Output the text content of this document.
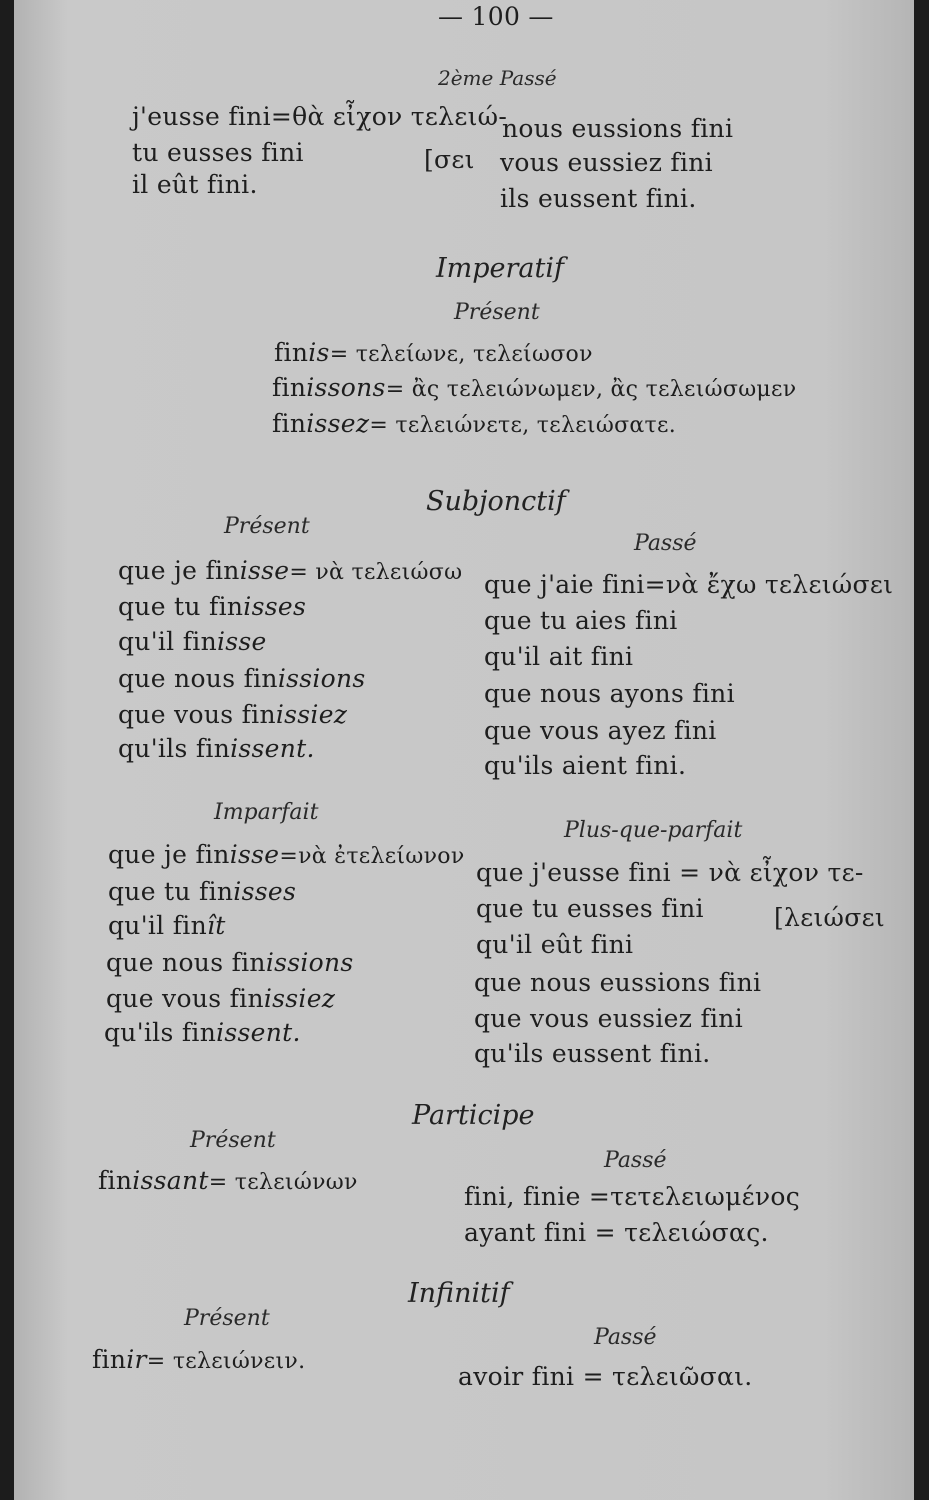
— 100 —
2ème Passé
j'eusse fini=θὰ εἶχον τελειώ-
tu eusses fini	[σει
il eût fini.
nous eussions fini
vous eussiez fini
ils eussent fini.
Imperatif
Présent
finis= τελείωνε, τελείωσον
finissons= ἂς τελειώνωμεν, ἂς τελειώσωμεν
finissez= τελειώνετε, τελειώσατε.
Subjonctif
Présent
Passé
que je finisse= νὰ τελειώσω
que tu finisses
qu'il finisse
que nous finissions
que vous finissiez
qu'ils finissent.
que j'aie fini=νὰ ἔχω τελειώσει
que tu aies fini
qu'il ait fini
que nous ayons fini
que vous ayez fini
qu'ils aient fini.
Imparfait
Plus-que-parfait
que je finisse=νὰ ἐτελείωνον
que tu finisses
qu'il finît
que nous finissions
que vous finissiez
qu'ils finissent.
que j'eusse fini = νὰ εἶχον τε-
que tu eusses fini	[λειώσει
qu'il eût fini
que nous eussions fini
que vous eussiez fini
qu'ils eussent fini.
Participe
Présent
Passé
finissant= τελειώνων	fini, finie =τετελειωμένος
ayant fini = τελειώσας.
Infinitif
Présent
Passé
finir= τελειώνειν.
avoir fini = τελειῶσαι.
